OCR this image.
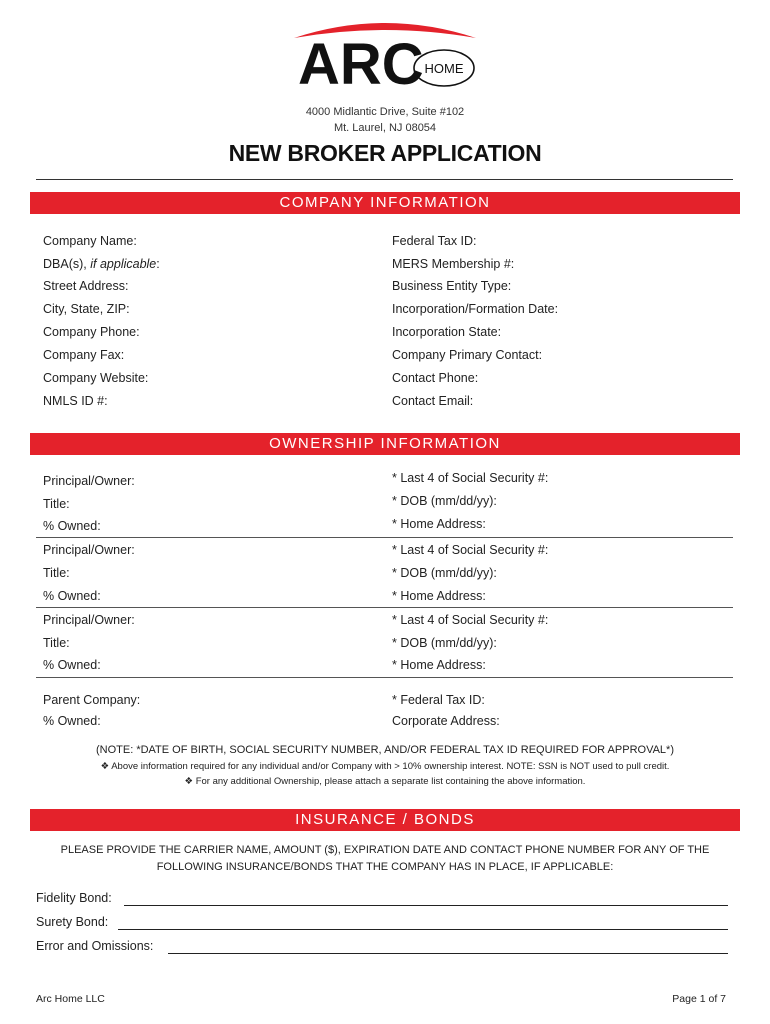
ARC HOME
4000 Midlantic Drive, Suite #102
Mt. Laurel, NJ 08054
NEW BROKER APPLICATION
COMPANY INFORMATION
Company Name:
DBA(s), if applicable:
Street Address:
City, State, ZIP:
Company Phone:
Company Fax:
Company Website:
NMLS ID #:
Federal Tax ID:
MERS Membership #:
Business Entity Type:
Incorporation/Formation Date:
Incorporation State:
Company Primary Contact:
Contact Phone:
Contact Email:
OWNERSHIP INFORMATION
Principal/Owner:
Title:
% Owned:
* Last 4 of Social Security #:
* DOB (mm/dd/yy):
* Home Address:
Principal/Owner:
Title:
% Owned:
* Last 4 of Social Security #:
* DOB (mm/dd/yy):
* Home Address:
Principal/Owner:
Title:
% Owned:
* Last 4 of Social Security #:
* DOB (mm/dd/yy):
* Home Address:
Parent Company:
% Owned:
* Federal Tax ID:
Corporate Address:
(NOTE: *DATE OF BIRTH, SOCIAL SECURITY NUMBER, AND/OR FEDERAL TAX ID REQUIRED FOR APPROVAL*)
❖ Above information required for any individual and/or Company with > 10% ownership interest. NOTE: SSN is NOT used to pull credit.
❖ For any additional Ownership, please attach a separate list containing the above information.
INSURANCE / BONDS
PLEASE PROVIDE THE CARRIER NAME, AMOUNT ($), EXPIRATION DATE AND CONTACT PHONE NUMBER FOR ANY OF THE
FOLLOWING INSURANCE/BONDS THAT THE COMPANY HAS IN PLACE, IF APPLICABLE:
Fidelity Bond:
Surety Bond:
Error and Omissions:
Arc Home LLC	Page 1 of 7
